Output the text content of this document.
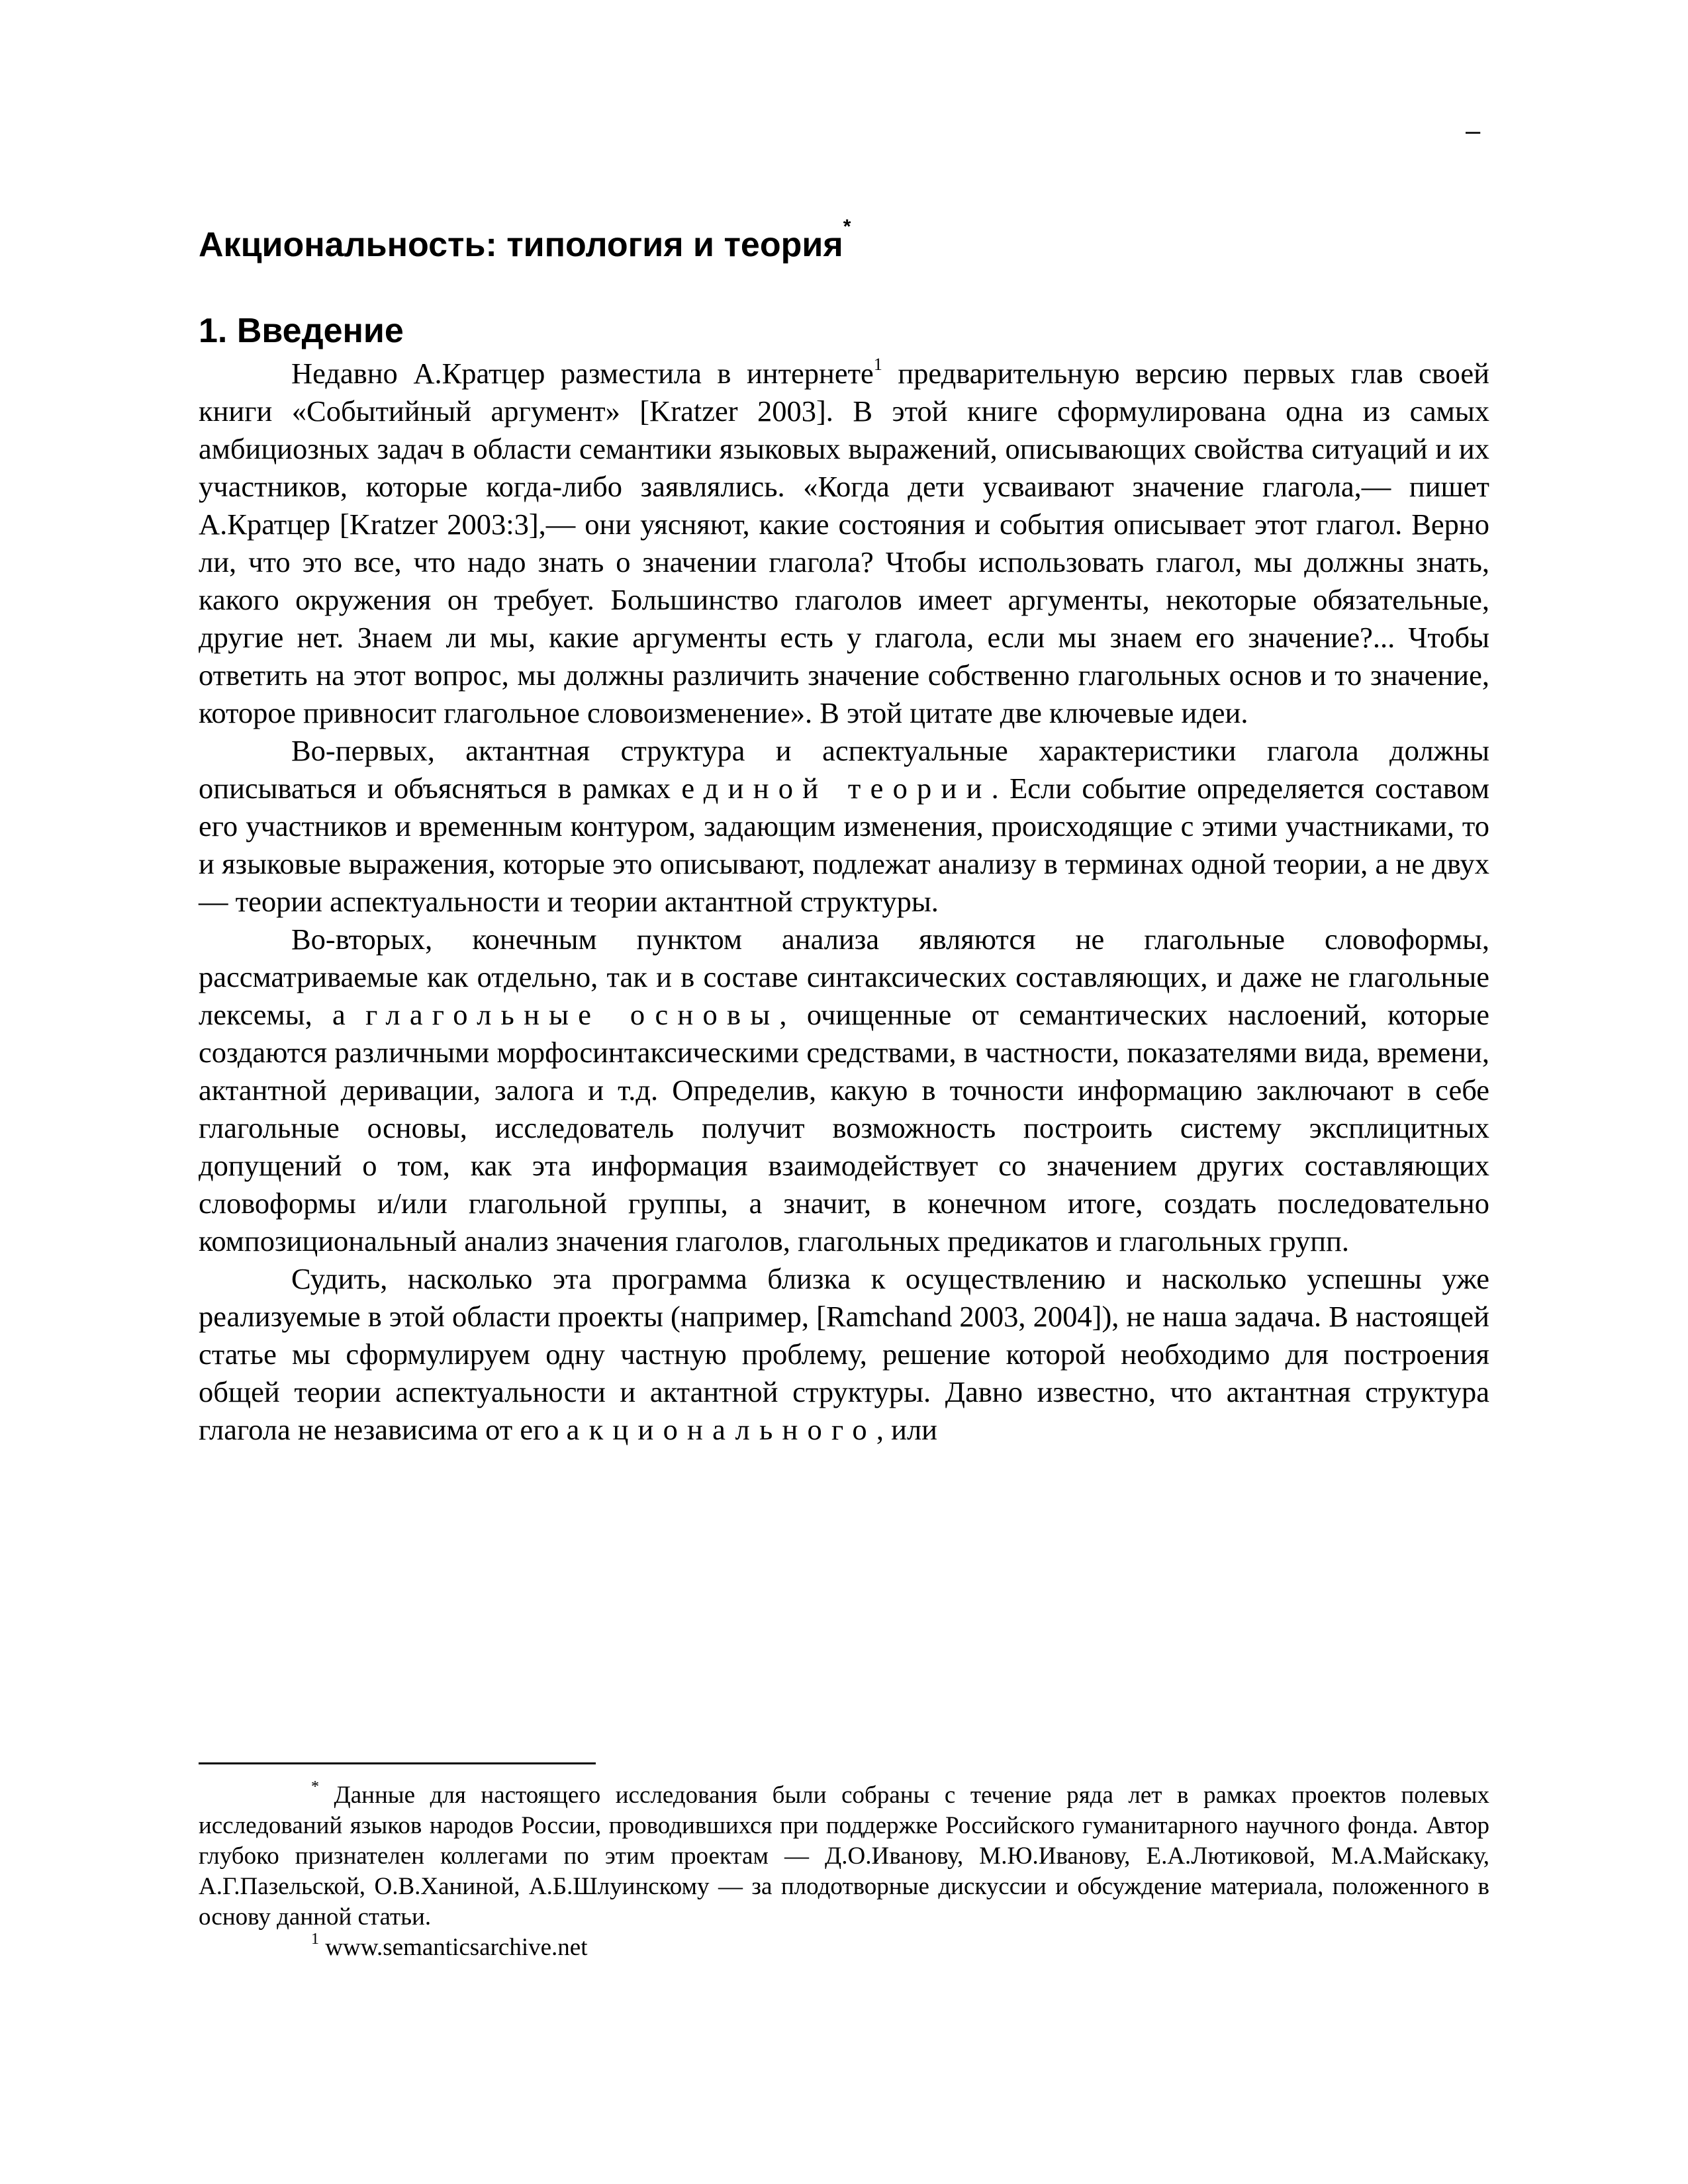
–
Акциональность: типология и теория*
1. Введение

Недавно А.Кратцер разместила в интернете$^1$ предварительную версию первых глав своей книги «Событийный аргумент» [Kratzer 2003]. В этой книге сформулирована одна из самых амбициозных задач в области семантики языковых выражений, описывающих свойства ситуаций и их участников, которые когда-либо заявлялись. «Когда дети усваивают значение глагола,— пишет А.Кратцер [Kratzer 2003:3],— они уясняют, какие состояния и события описывает этот глагол. Верно ли, что это все, что надо знать о значении глагола? Чтобы использовать глагол, мы должны знать, какого окружения он требует. Большинство глаголов имеет аргументы, некоторые обязательные, другие нет. Знаем ли мы, какие аргументы есть у глагола, если мы знаем его значение?... Чтобы ответить на этот вопрос, мы должны различить значение собственно глагольных основ и то значение, которое привносит глагольное словоизменение». В этой цитате две ключевые идеи.

Во-первых, актантная структура и аспектуальные характеристики глагола должны описываться и объясняться в рамках единой теории. Если событие определяется составом его участников и временным контуром, задающим изменения, происходящие с этими участниками, то и языковые выражения, которые это описывают, подлежат анализу в терминах одной теории, а не двух — теории аспектуальности и теории актантной структуры.

Во-вторых, конечным пунктом анализа являются не глагольные словоформы, рассматриваемые как отдельно, так и в составе синтаксических составляющих, и даже не глагольные лексемы, а глагольные основы, очищенные от семантических наслоений, которые создаются различными морфосинтаксическими средствами, в частности, показателями вида, времени, актантной деривации, залога и т.д. Определив, какую в точности информацию заключают в себе глагольные основы, исследователь получит возможность построить систему эксплицитных допущений о том, как эта информация взаимодействует со значением других составляющих словоформы и/или глагольной группы, а значит, в конечном итоге, создать последовательно композициональный анализ значения глаголов, глагольных предикатов и глагольных групп.

Судить, насколько эта программа близка к осуществлению и насколько успешны уже реализуемые в этой области проекты (например, [Ramchand 2003, 2004]), не наша задача. В настоящей статье мы сформулируем одну частную проблему, решение которой необходимо для построения общей теории аспектуальности и актантной структуры. Давно известно, что актантная структура глагола не независима от его акционального, или

* Данные для настоящего исследования были собраны с течение ряда лет в рамках проектов полевых исследований языков народов России, проводившихся при поддержке Российского гуманитарного научного фонда. Автор глубоко признателен коллегами по этим проектам — Д.О.Иванову, М.Ю.Иванову, Е.А.Лютиковой, М.А.Майскаку, А.Г.Пазельской, О.В.Ханиной, А.Б.Шлуинскому — за плодотворные дискуссии и обсуждение материала, положенного в основу данной статьи.

$^1$ www.semanticsarchive.net
